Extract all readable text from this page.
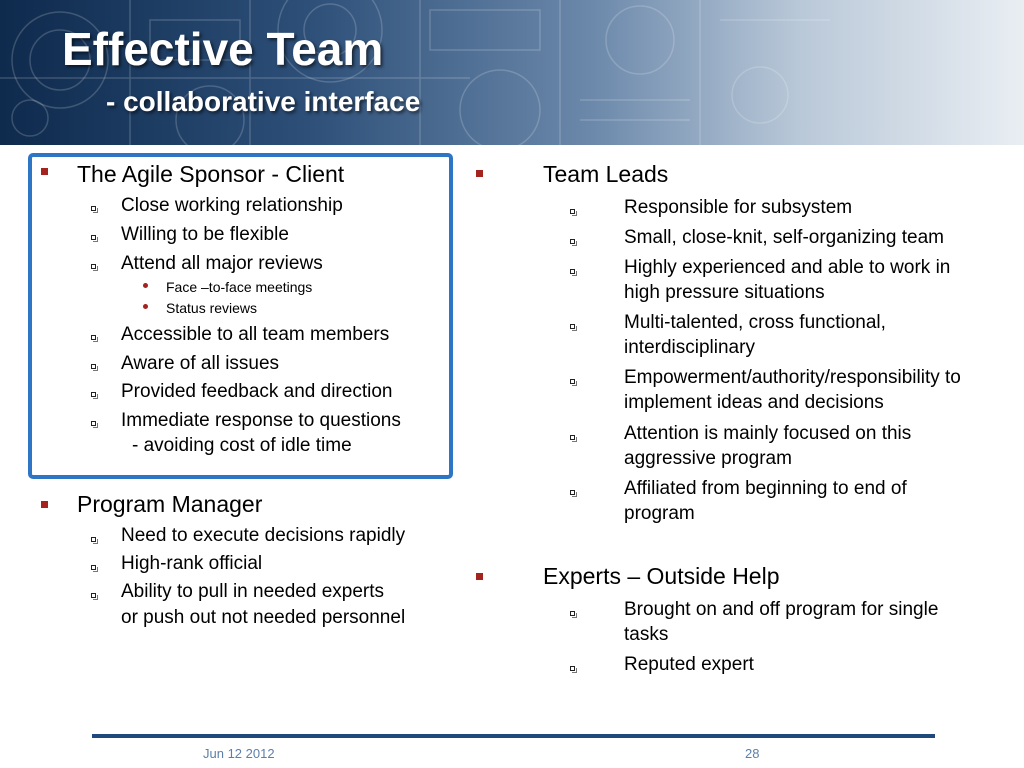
Effective Team
- collaborative interface
The Agile Sponsor - Client
Close working relationship
Willing to be flexible
Attend all major reviews
Face –to-face meetings
Status reviews
Accessible to all team members
Aware of all issues
Provided feedback and direction
Immediate response to questions
- avoiding cost of idle time
Program Manager
Need to execute decisions rapidly
High-rank official
Ability to pull in needed experts
or push out not needed personnel
Team Leads
Responsible for subsystem
Small, close-knit, self-organizing team
Highly experienced and able to work in
high pressure situations
Multi-talented, cross functional,
interdisciplinary
Empowerment/authority/responsibility to
implement ideas and decisions
Attention is mainly focused on this
aggressive program
Affiliated from beginning to end of
program
Experts – Outside Help
Brought on and off program for single
tasks
Reputed expert
Jun 12 2012	28
